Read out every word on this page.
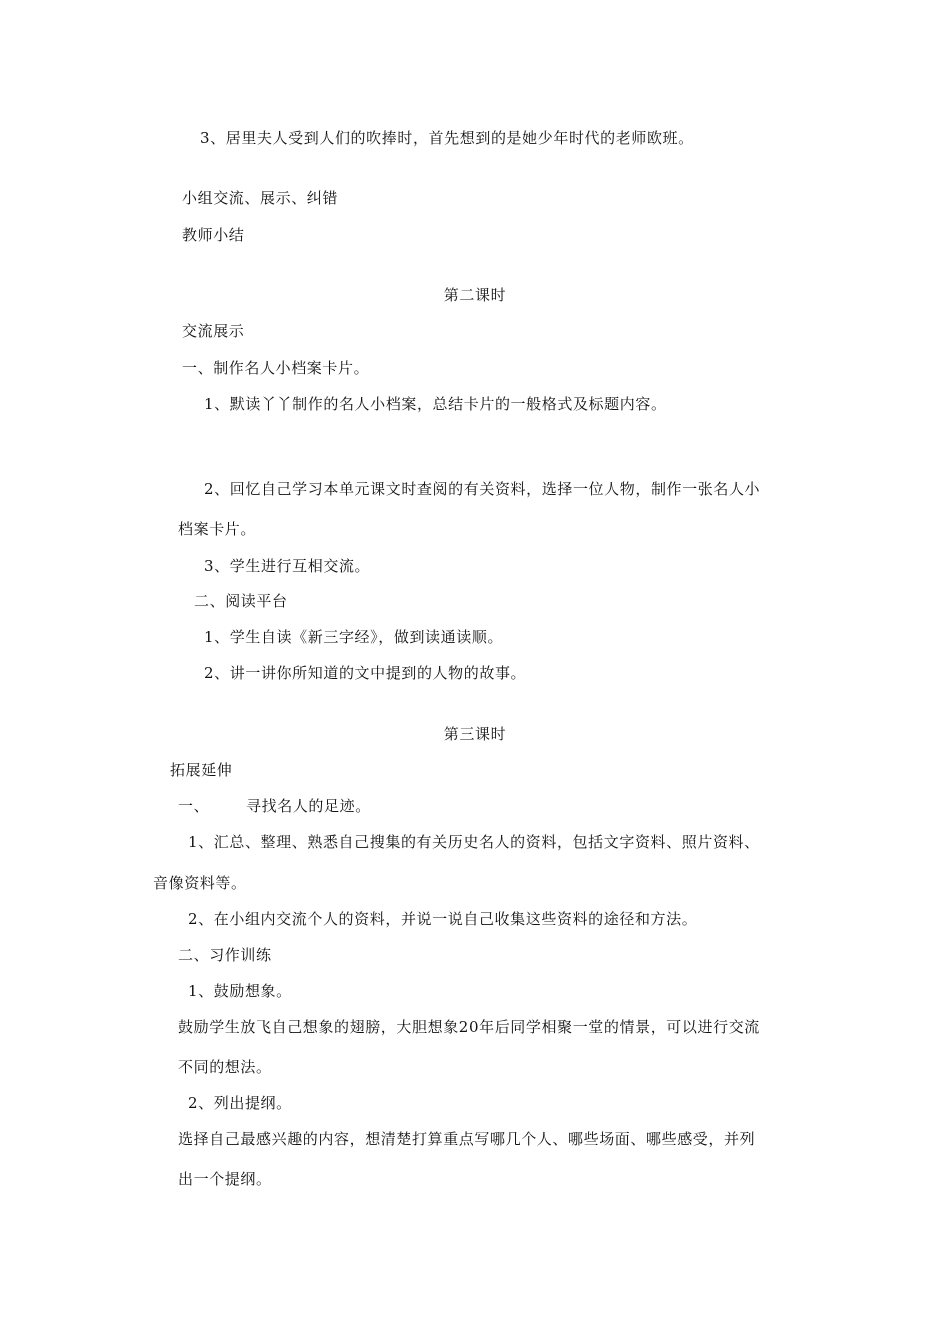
3、居里夫人受到人们的吹捧时，首先想到的是她少年时代的老师欧班。
小组交流、展示、纠错
教师小结
第二课时
交流展示
一、制作名人小档案卡片。
1、默读丫丫制作的名人小档案，总结卡片的一般格式及标题内容。
2、回忆自己学习本单元课文时查阅的有关资料，选择一位人物，制作一张名人小
档案卡片。
3、学生进行互相交流。
二、阅读平台
1、学生自读《新三字经》，做到读通读顺。
2、讲一讲你所知道的文中提到的人物的故事。
第三课时
拓展延伸
一、 寻找名人的足迹。
1、汇总、整理、熟悉自己搜集的有关历史名人的资料，包括文字资料、照片资料、
音像资料等。
2、在小组内交流个人的资料，并说一说自己收集这些资料的途径和方法。
二、习作训练
1、鼓励想象。
鼓励学生放飞自己想象的翅膀，大胆想象20年后同学相聚一堂的情景，可以进行交流
不同的想法。
2、列出提纲。
选择自己最感兴趣的内容，想清楚打算重点写哪几个人、哪些场面、哪些感受，并列
出一个提纲。
